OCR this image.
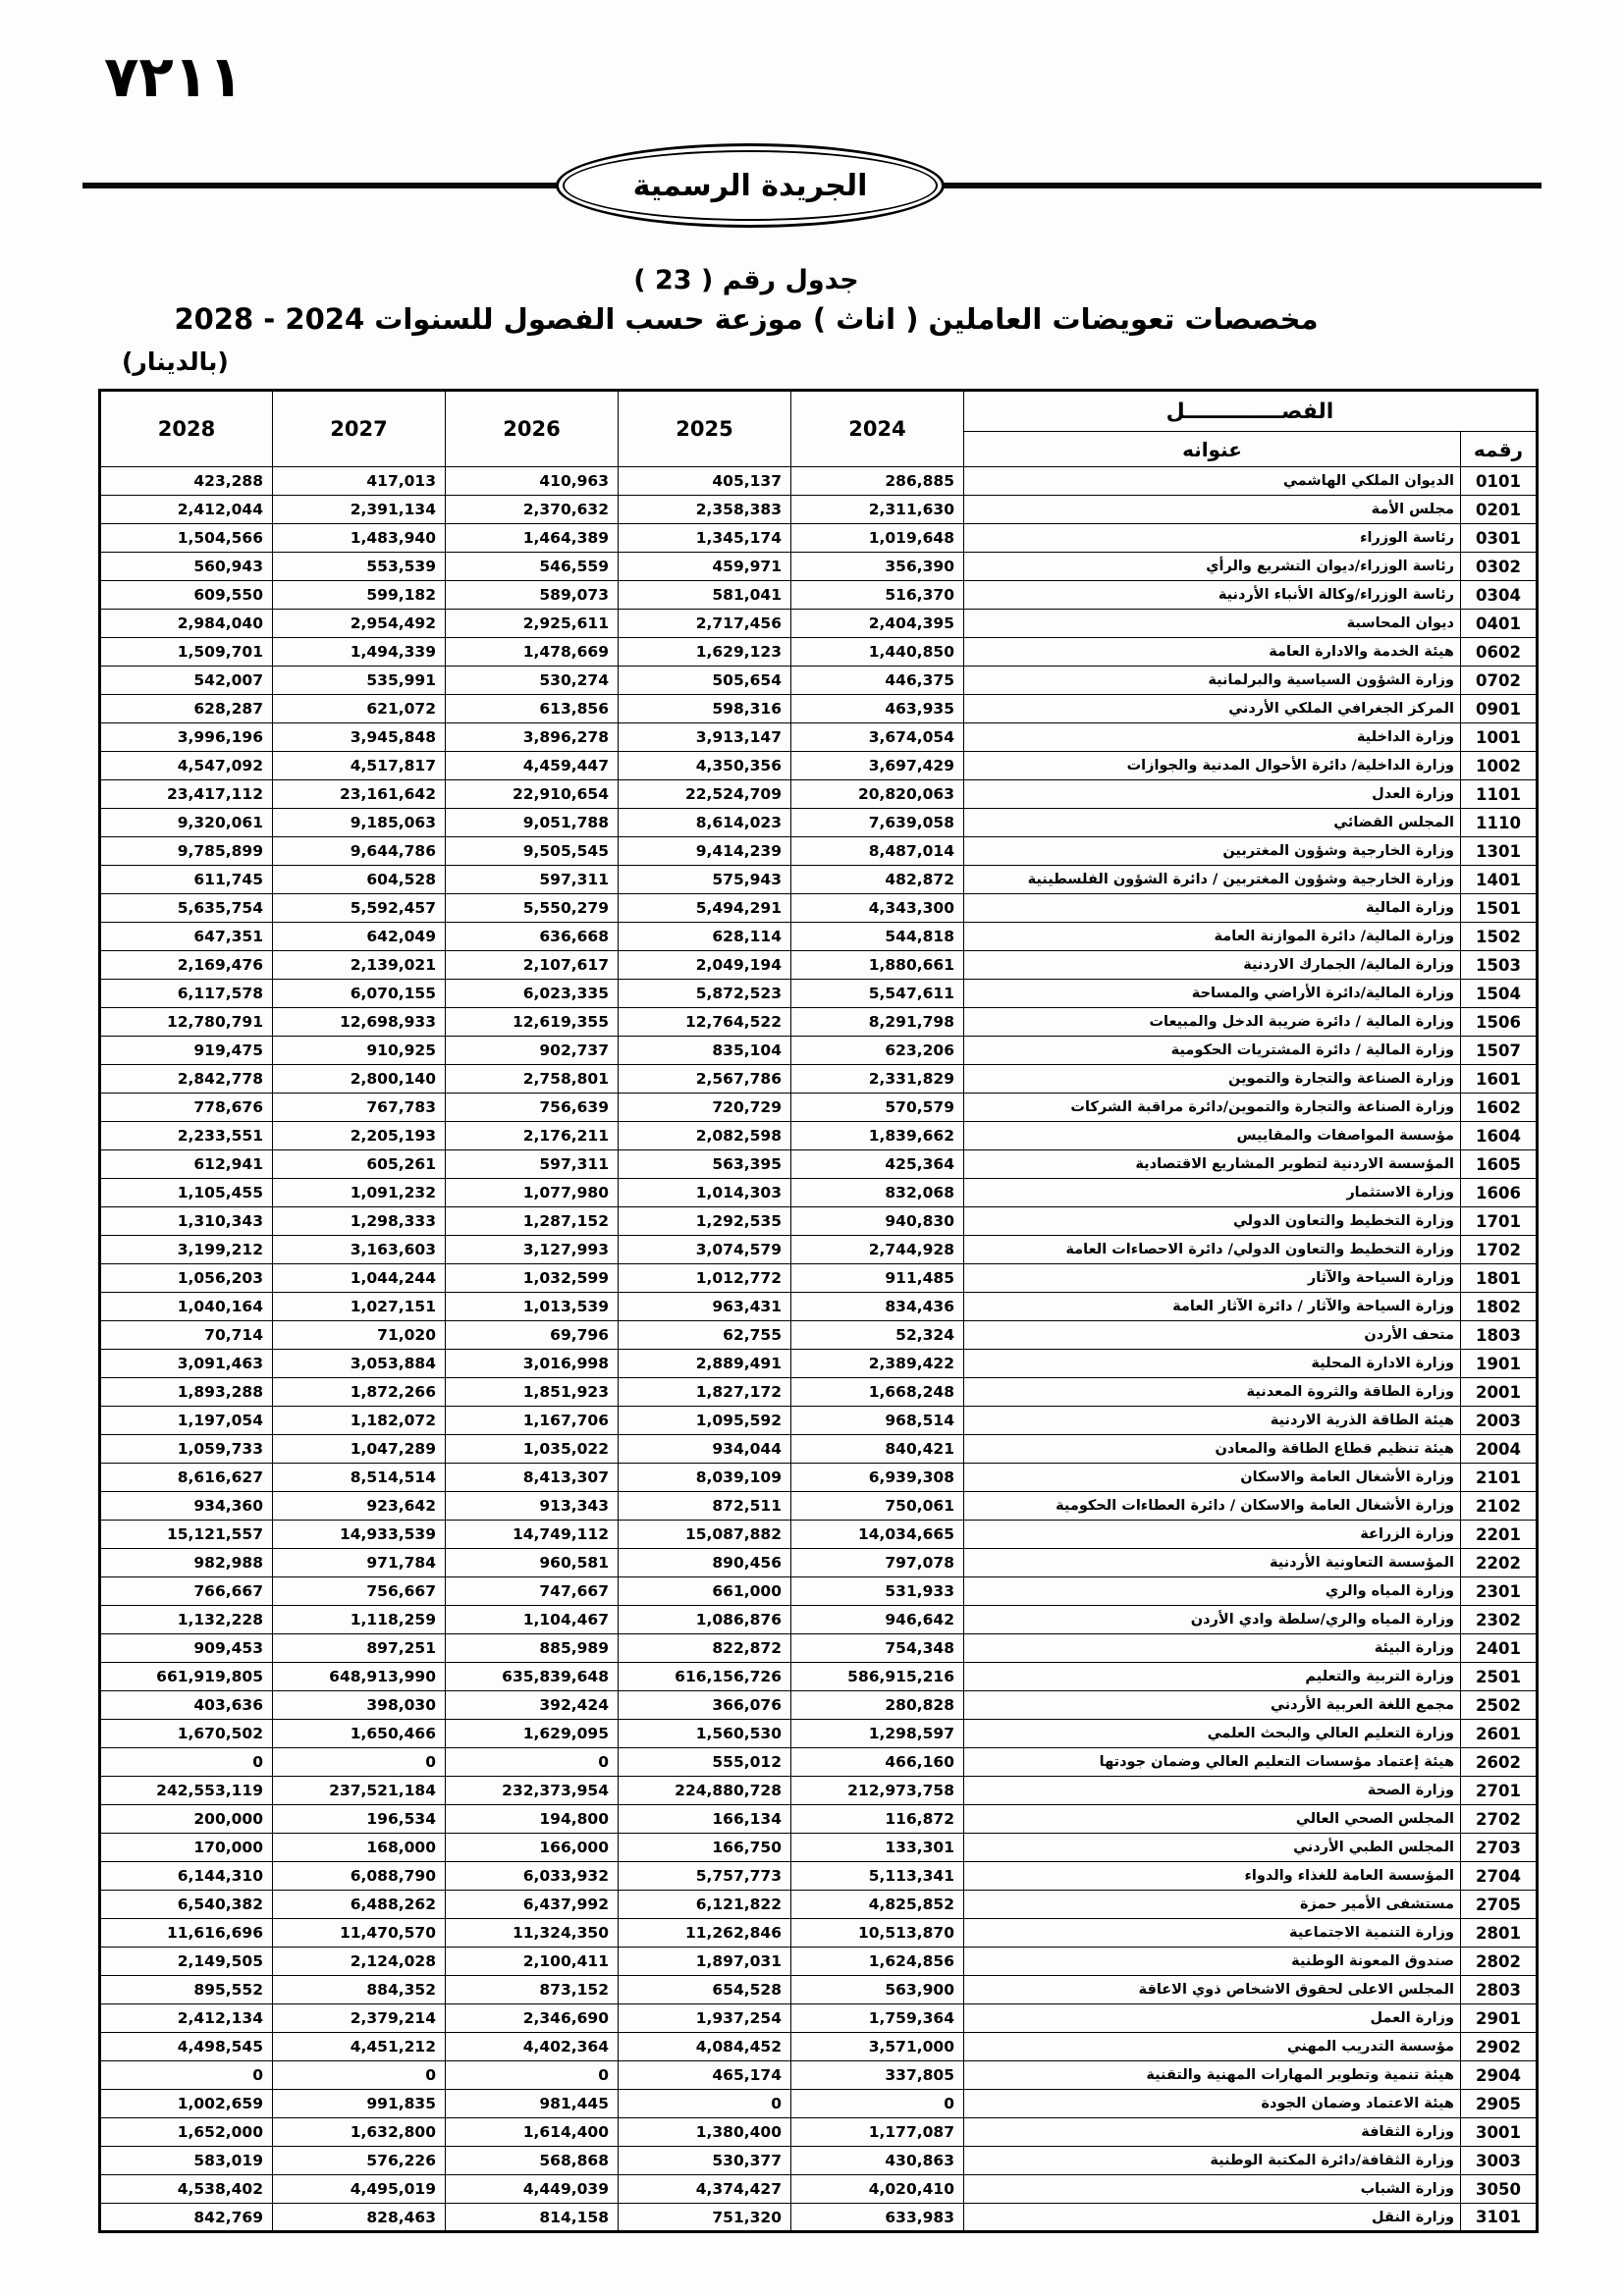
٧٢١١
الجريدة الرسمية
جدول رقم ( 23 )
مخصصات تعويضات العاملين ( اناث ) موزعة حسب الفصول للسنوات 2024 - 2028
(بالدينار)
2028	2027	2026	2025	2024	الفصـــــــــــــل	
					عنوانه	رقمه
423,288	417,013	410,963	405,137	286,885	الديوان الملكي الهاشمي	0101
2,412,044	2,391,134	2,370,632	2,358,383	2,311,630	مجلس الأمة	0201
1,504,566	1,483,940	1,464,389	1,345,174	1,019,648	رئاسة الوزراء	0301
560,943	553,539	546,559	459,971	356,390	رئاسة الوزراء/ديوان التشريع والرأي	0302
609,550	599,182	589,073	581,041	516,370	رئاسة الوزراء/وكالة الأنباء الأردنية	0304
2,984,040	2,954,492	2,925,611	2,717,456	2,404,395	ديوان المحاسبة	0401
1,509,701	1,494,339	1,478,669	1,629,123	1,440,850	هيئة الخدمة والادارة العامة	0602
542,007	535,991	530,274	505,654	446,375	وزارة الشؤون السياسية والبرلمانية	0702
628,287	621,072	613,856	598,316	463,935	المركز الجغرافي الملكي الأردني	0901
3,996,196	3,945,848	3,896,278	3,913,147	3,674,054	وزارة الداخلية	1001
4,547,092	4,517,817	4,459,447	4,350,356	3,697,429	وزارة الداخلية/ دائرة الأحوال المدنية والجوازات	1002
23,417,112	23,161,642	22,910,654	22,524,709	20,820,063	وزارة العدل	1101
9,320,061	9,185,063	9,051,788	8,614,023	7,639,058	المجلس القضائي	1110
9,785,899	9,644,786	9,505,545	9,414,239	8,487,014	وزارة الخارجية وشؤون المغتربين	1301
611,745	604,528	597,311	575,943	482,872	وزارة الخارجية وشؤون المغتربين / دائرة الشؤون الفلسطينية	1401
5,635,754	5,592,457	5,550,279	5,494,291	4,343,300	وزارة المالية	1501
647,351	642,049	636,668	628,114	544,818	وزارة المالية/ دائرة الموازنة العامة	1502
2,169,476	2,139,021	2,107,617	2,049,194	1,880,661	وزارة المالية/ الجمارك الاردنية	1503
6,117,578	6,070,155	6,023,335	5,872,523	5,547,611	وزارة المالية/دائرة الأراضي والمساحة	1504
12,780,791	12,698,933	12,619,355	12,764,522	8,291,798	وزارة المالية / دائرة ضريبة الدخل والمبيعات	1506
919,475	910,925	902,737	835,104	623,206	وزارة المالية / دائرة المشتريات الحكومية	1507
2,842,778	2,800,140	2,758,801	2,567,786	2,331,829	وزارة الصناعة والتجارة والتموين	1601
778,676	767,783	756,639	720,729	570,579	وزارة الصناعة والتجارة والتموين/دائرة مراقبة الشركات	1602
2,233,551	2,205,193	2,176,211	2,082,598	1,839,662	مؤسسة المواصفات والمقاييس	1604
612,941	605,261	597,311	563,395	425,364	المؤسسة الاردنية لتطوير المشاريع الاقتصادية	1605
1,105,455	1,091,232	1,077,980	1,014,303	832,068	وزارة الاستثمار	1606
1,310,343	1,298,333	1,287,152	1,292,535	940,830	وزارة التخطيط والتعاون الدولي	1701
3,199,212	3,163,603	3,127,993	3,074,579	2,744,928	وزارة التخطيط والتعاون الدولي/ دائرة الاحصاءات العامة	1702
1,056,203	1,044,244	1,032,599	1,012,772	911,485	وزارة السياحة والآثار	1801
1,040,164	1,027,151	1,013,539	963,431	834,436	وزارة السياحة والآثار / دائرة الآثار العامة	1802
70,714	71,020	69,796	62,755	52,324	متحف الأردن	1803
3,091,463	3,053,884	3,016,998	2,889,491	2,389,422	وزارة الادارة المحلية	1901
1,893,288	1,872,266	1,851,923	1,827,172	1,668,248	وزارة الطاقة والثروة المعدنية	2001
1,197,054	1,182,072	1,167,706	1,095,592	968,514	هيئة الطاقة الذرية الاردنية	2003
1,059,733	1,047,289	1,035,022	934,044	840,421	هيئة تنظيم قطاع الطاقة والمعادن	2004
8,616,627	8,514,514	8,413,307	8,039,109	6,939,308	وزارة الأشغال العامة والاسكان	2101
934,360	923,642	913,343	872,511	750,061	وزارة الأشغال العامة والاسكان / دائرة العطاءات الحكومية	2102
15,121,557	14,933,539	14,749,112	15,087,882	14,034,665	وزارة الزراعة	2201
982,988	971,784	960,581	890,456	797,078	المؤسسة التعاونية الأردنية	2202
766,667	756,667	747,667	661,000	531,933	وزارة المياه والري	2301
1,132,228	1,118,259	1,104,467	1,086,876	946,642	وزارة المياه والري/سلطة وادي الأردن	2302
909,453	897,251	885,989	822,872	754,348	وزارة البيئة	2401
661,919,805	648,913,990	635,839,648	616,156,726	586,915,216	وزارة التربية والتعليم	2501
403,636	398,030	392,424	366,076	280,828	مجمع اللغة العربية الأردني	2502
1,670,502	1,650,466	1,629,095	1,560,530	1,298,597	وزارة التعليم العالي والبحث العلمي	2601
0	0	0	555,012	466,160	هيئة إعتماد مؤسسات التعليم العالي وضمان جودتها	2602
242,553,119	237,521,184	232,373,954	224,880,728	212,973,758	وزارة الصحة	2701
200,000	196,534	194,800	166,134	116,872	المجلس الصحي العالي	2702
170,000	168,000	166,000	166,750	133,301	المجلس الطبي الأردني	2703
6,144,310	6,088,790	6,033,932	5,757,773	5,113,341	المؤسسة العامة للغذاء والدواء	2704
6,540,382	6,488,262	6,437,992	6,121,822	4,825,852	مستشفى الأمير حمزة	2705
11,616,696	11,470,570	11,324,350	11,262,846	10,513,870	وزارة التنمية الاجتماعية	2801
2,149,505	2,124,028	2,100,411	1,897,031	1,624,856	صندوق المعونة الوطنية	2802
895,552	884,352	873,152	654,528	563,900	المجلس الاعلى لحقوق الاشخاص ذوي الاعاقة	2803
2,412,134	2,379,214	2,346,690	1,937,254	1,759,364	وزارة العمل	2901
4,498,545	4,451,212	4,402,364	4,084,452	3,571,000	مؤسسة التدريب المهني	2902
0	0	0	465,174	337,805	هيئة تنمية وتطوير المهارات المهنية والتقنية	2904
1,002,659	991,835	981,445	0	0	هيئة الاعتماد وضمان الجودة	2905
1,652,000	1,632,800	1,614,400	1,380,400	1,177,087	وزارة الثقافة	3001
583,019	576,226	568,868	530,377	430,863	وزارة الثقافة/دائرة المكتبة الوطنية	3003
4,538,402	4,495,019	4,449,039	4,374,427	4,020,410	وزارة الشباب	3050
842,769	828,463	814,158	751,320	633,983	وزارة النقل	3101
